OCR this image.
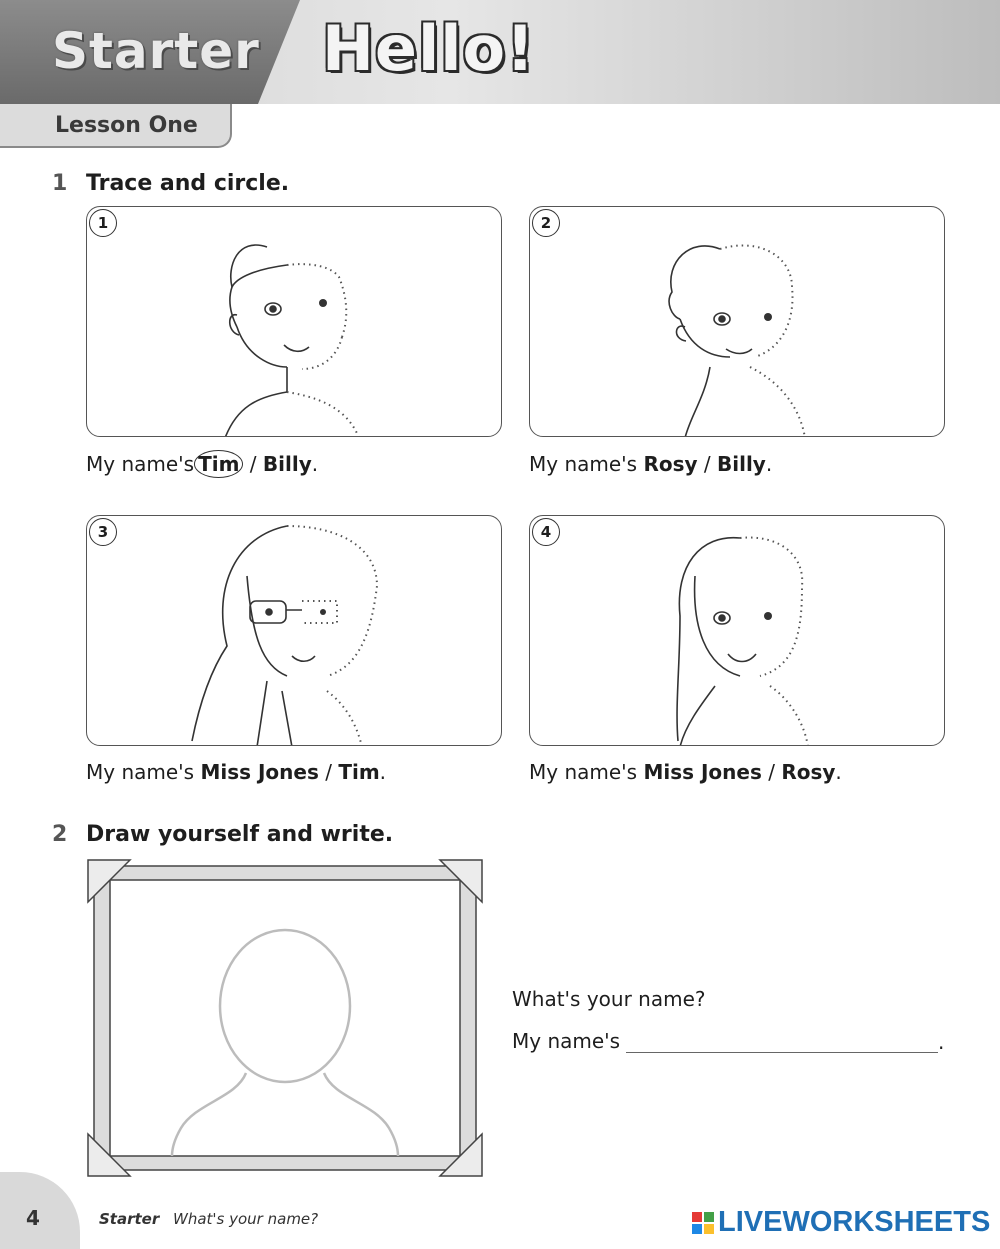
Starter Hello!
Lesson One
1 Trace and circle.
1
My name's Tim / Billy.
2
My name's Rosy / Billy.
3
My name's Miss Jones / Tim.
4
My name's Miss Jones / Rosy.
2 Draw yourself and write.
What's your name?
My name's	.
4	Starter What's your name?	LIVEWORKSHEETS
